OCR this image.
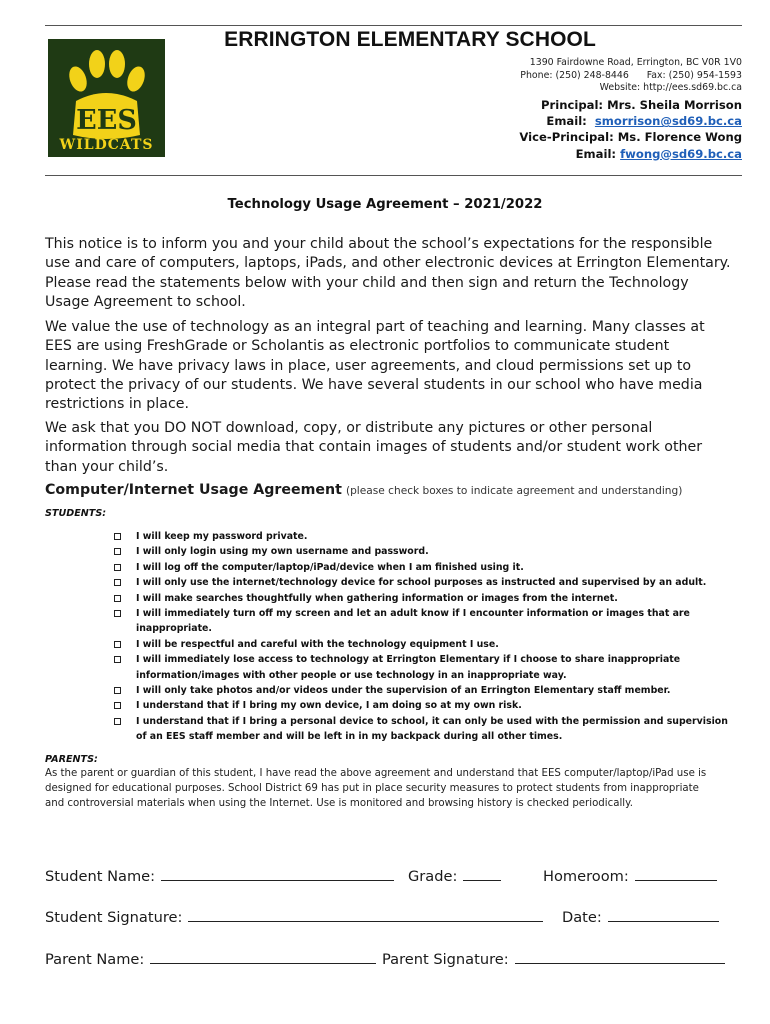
EES
WILDCATS
ERRINGTON ELEMENTARY SCHOOL
1390 Fairdowne Road, Errington, BC V0R 1V0
Phone: (250) 248-8446 Fax: (250) 954-1593
Website: http://ees.sd69.bc.ca
Principal: Mrs. Sheila Morrison
Email: smorrison@sd69.bc.ca
Vice-Principal: Ms. Florence Wong
Email: fwong@sd69.bc.ca
Technology Usage Agreement – 2021/2022
This notice is to inform you and your child about the school’s expectations for the responsible use and care of computers, laptops, iPads, and other electronic devices at Errington Elementary. Please read the statements below with your child and then sign and return the Technology Usage Agreement to school.
We value the use of technology as an integral part of teaching and learning. Many classes at EES are using FreshGrade or Scholantis as electronic portfolios to communicate student learning. We have privacy laws in place, user agreements, and cloud permissions set up to protect the privacy of our students. We have several students in our school who have media restrictions in place.
We ask that you DO NOT download, copy, or distribute any pictures or other personal information through social media that contain images of students and/or student work other than your child’s.
Computer/Internet Usage Agreement (please check boxes to indicate agreement and understanding)
STUDENTS:
I will keep my password private.
I will only login using my own username and password.
I will log off the computer/laptop/iPad/device when I am finished using it.
I will only use the internet/technology device for school purposes as instructed and supervised by an adult.
I will make searches thoughtfully when gathering information or images from the internet.
I will immediately turn off my screen and let an adult know if I encounter information or images that are inappropriate.
I will be respectful and careful with the technology equipment I use.
I will immediately lose access to technology at Errington Elementary if I choose to share inappropriate information/images with other people or use technology in an inappropriate way.
I will only take photos and/or videos under the supervision of an Errington Elementary staff member.
I understand that if I bring my own device, I am doing so at my own risk.
I understand that if I bring a personal device to school, it can only be used with the permission and supervision of an EES staff member and will be left in in my backpack during all other times.
PARENTS:
As the parent or guardian of this student, I have read the above agreement and understand that EES computer/laptop/iPad use is designed for educational purposes. School District 69 has put in place security measures to protect students from inappropriate and controversial materials when using the Internet. Use is monitored and browsing history is checked periodically.
Student Name:	Grade:	Homeroom:
Student Signature:	Date:
Parent Name:	Parent Signature:
